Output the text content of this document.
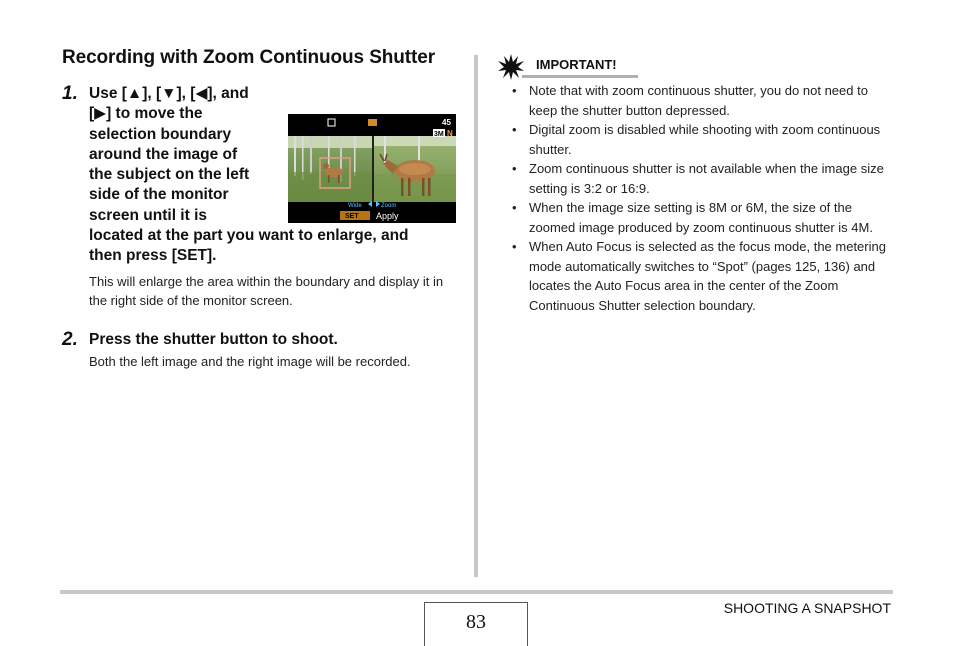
Recording with Zoom Continuous Shutter
1. Use [▲], [▼], [◀], and
[▶] to move the
selection boundary
around the image of
the subject on the left
side of the monitor
screen until it is
located at the part you want to enlarge, and
then press [SET].
This will enlarge the area within the boundary and display it in the right side of the monitor screen.
2. Press the shutter button to shoot.
Both the left image and the right image will be recorded.
45
3M N
Wide	Zoom
SET Apply
IMPORTANT!
• Note that with zoom continuous shutter, you do not need to keep the shutter button depressed.
• Digital zoom is disabled while shooting with zoom continuous shutter.
• Zoom continuous shutter is not available when the image size setting is 3:2 or 16:9.
• When the image size setting is 8M or 6M, the size of the zoomed image produced by zoom continuous shutter is 4M.
• When Auto Focus is selected as the focus mode, the metering mode automatically switches to “Spot” (pages 125, 136) and locates the Auto Focus area in the center of the Zoom Continuous Shutter selection boundary.
83
SHOOTING A SNAPSHOT
